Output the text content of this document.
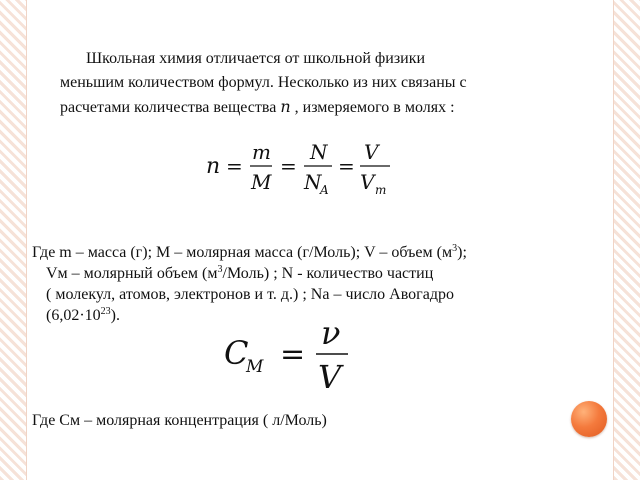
Школьная химия отличается от школьной физики
меньшим количеством формул. Несколько из них связаны с
расчетами количества вещества n , измеряемого в молях :
n =
m
M
=
N
N
A
=
V
V m
Где m – масса (г); М – молярная масса (г/Моль); V – объем $(м^3)$;
Vм – молярный объем $(м^3/Моль)$ ; N - количество частиц
( молекул, атомов, электронов и т. д.) ; Nа – число Авогадро
$(6,02\cdot 10^{23})$.
C
M =
ν
V
Где См – молярная концентрация ( л/Моль)
